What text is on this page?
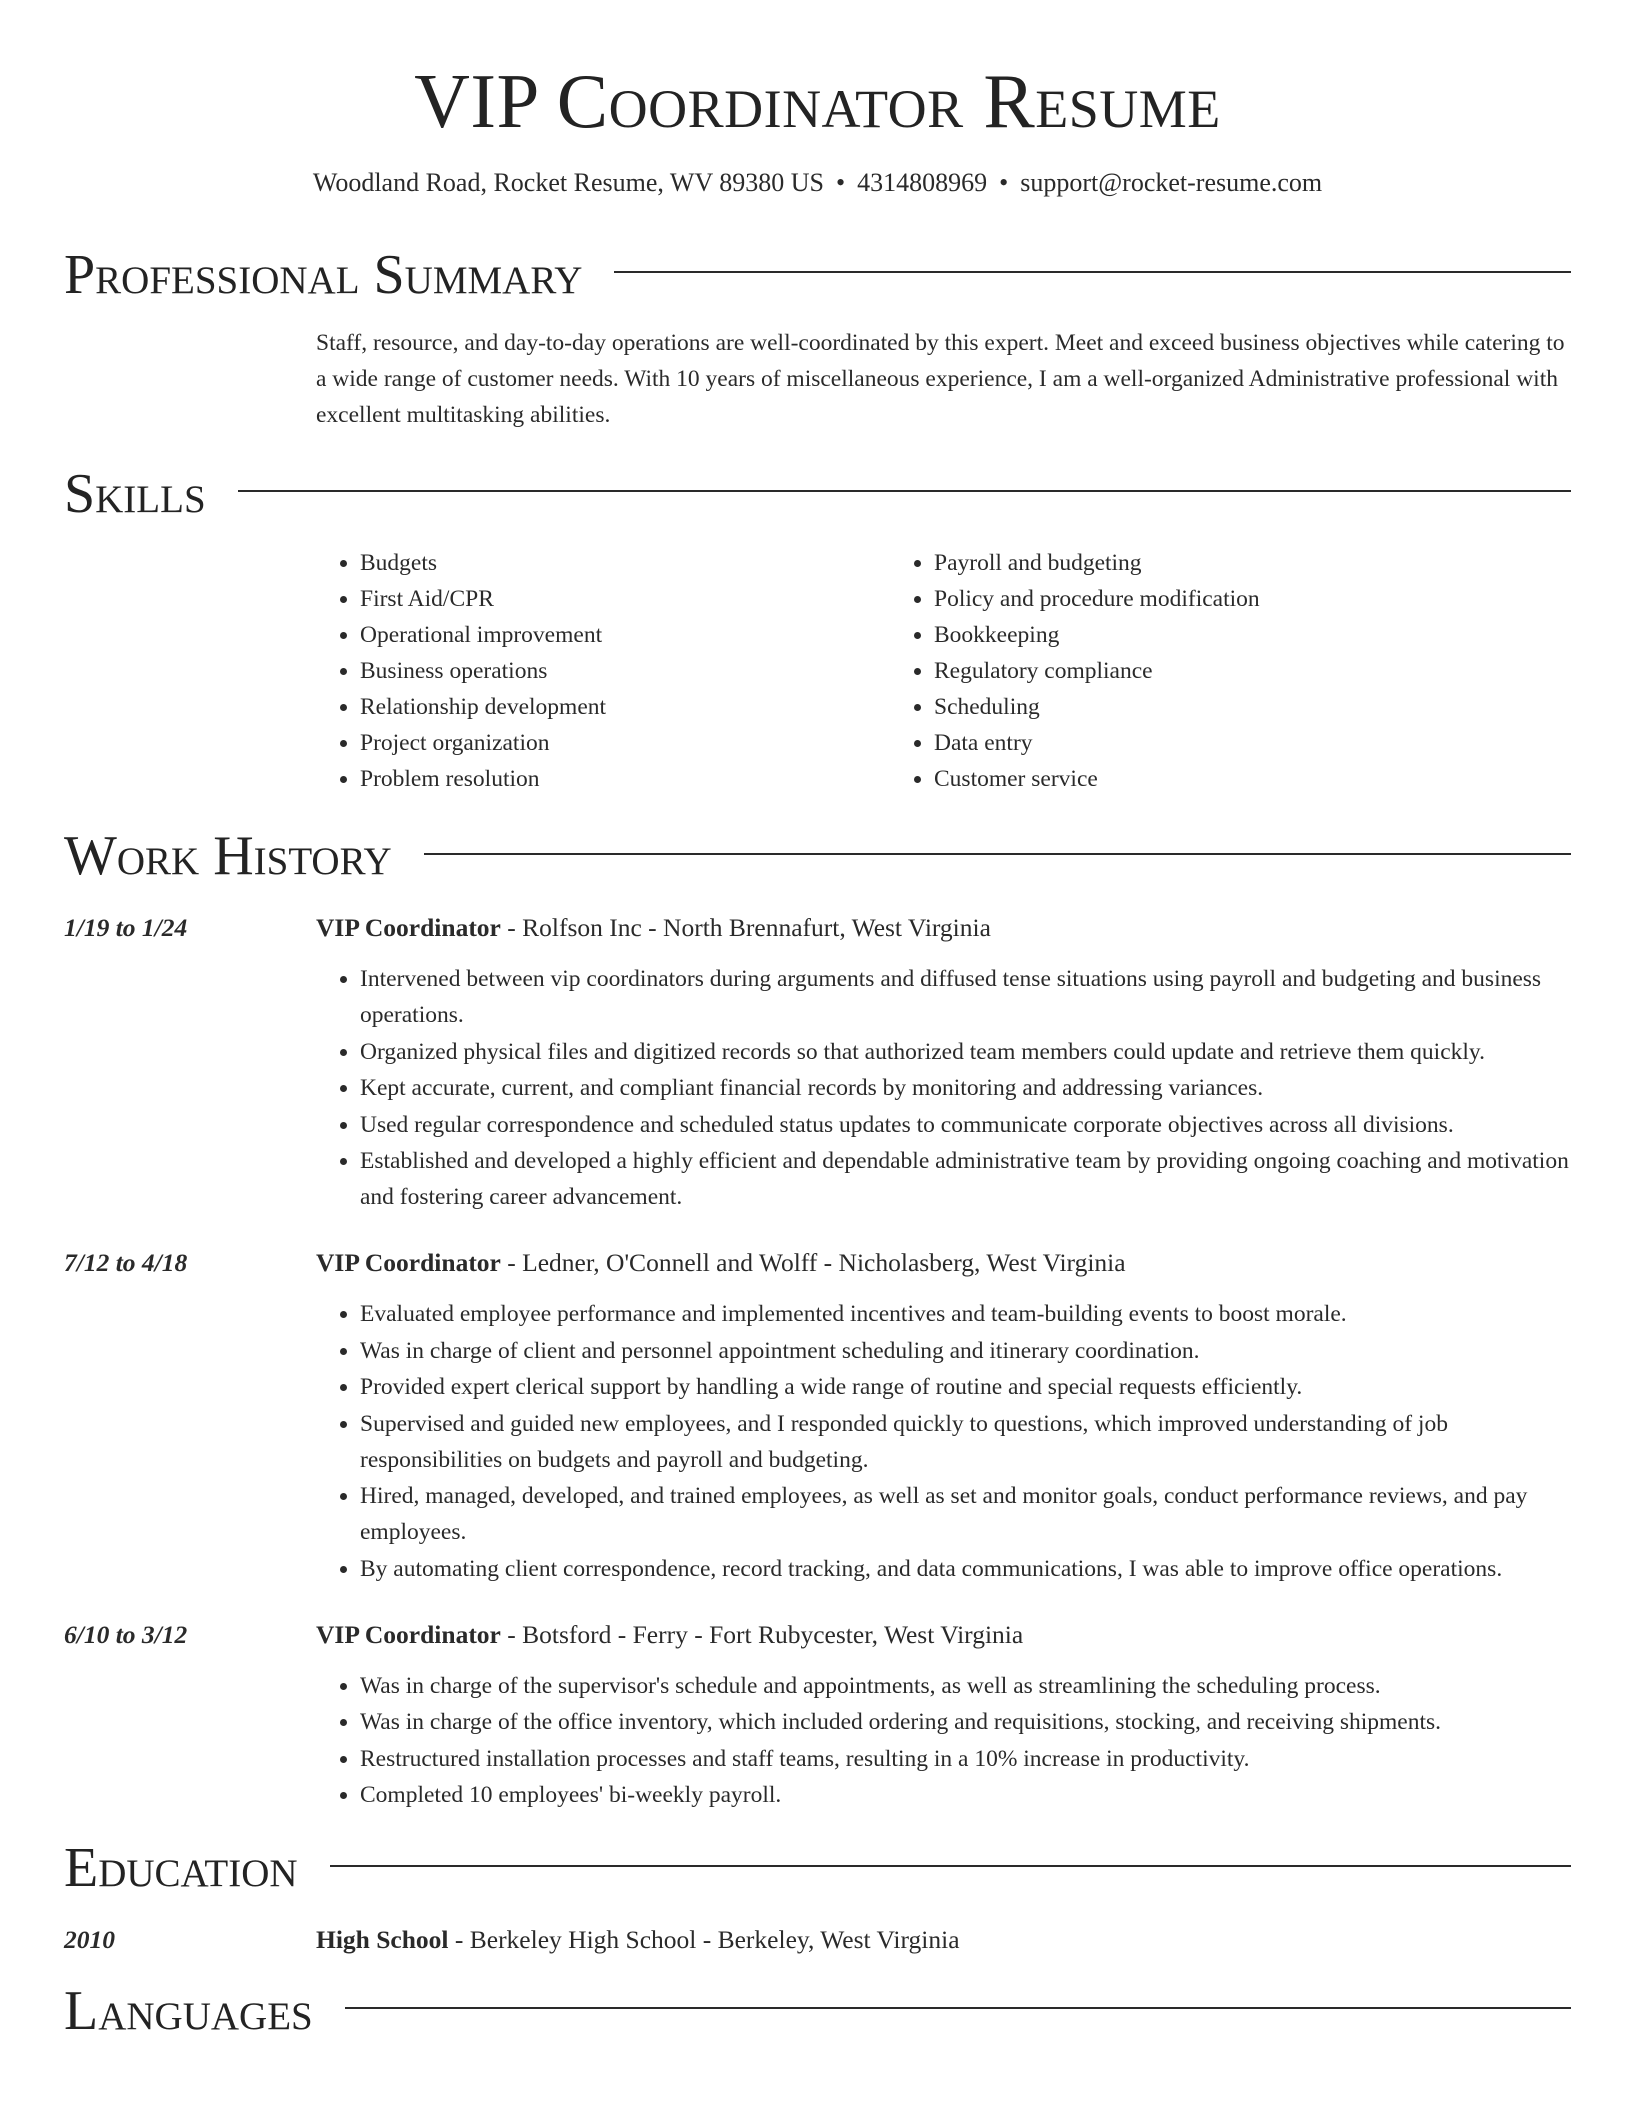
VIP Coordinator Resume
Woodland Road, Rocket Resume, WV 89380 US • 4314808969 • support@rocket-resume.com
Professional Summary

Staff, resource, and day-to-day operations are well-coordinated by this expert. Meet and exceed business objectives while catering to a wide range of customer needs. With 10 years of miscellaneous experience, I am a well-organized Administrative professional with excellent multitasking abilities.

Skills
• Budgets
• First Aid/CPR
• Operational improvement
• Business operations
• Relationship development
• Project organization
• Problem resolution
• Payroll and budgeting
• Policy and procedure modification
• Bookkeeping
• Regulatory compliance
• Scheduling
• Data entry
• Customer service
Work History
1/19 to 1/24	VIP Coordinator - Rolfson Inc - North Brennafurt, West Virginia
• Intervened between vip coordinators during arguments and diffused tense situations using payroll and budgeting and business operations.
• Organized physical files and digitized records so that authorized team members could update and retrieve them quickly.
• Kept accurate, current, and compliant financial records by monitoring and addressing variances.
• Used regular correspondence and scheduled status updates to communicate corporate objectives across all divisions.
• Established and developed a highly efficient and dependable administrative team by providing ongoing coaching and motivation and fostering career advancement.
7/12 to 4/18	VIP Coordinator - Ledner, O'Connell and Wolff - Nicholasberg, West Virginia
• Evaluated employee performance and implemented incentives and team-building events to boost morale.
• Was in charge of client and personnel appointment scheduling and itinerary coordination.
• Provided expert clerical support by handling a wide range of routine and special requests efficiently.
• Supervised and guided new employees, and I responded quickly to questions, which improved understanding of job responsibilities on budgets and payroll and budgeting.
• Hired, managed, developed, and trained employees, as well as set and monitor goals, conduct performance reviews, and pay employees.
• By automating client correspondence, record tracking, and data communications, I was able to improve office operations.
6/10 to 3/12	VIP Coordinator - Botsford - Ferry - Fort Rubycester, West Virginia
• Was in charge of the supervisor's schedule and appointments, as well as streamlining the scheduling process.
• Was in charge of the office inventory, which included ordering and requisitions, stocking, and receiving shipments.
• Restructured installation processes and staff teams, resulting in a 10% increase in productivity.
• Completed 10 employees' bi-weekly payroll.
Education
2010	High School - Berkeley High School - Berkeley, West Virginia
Languages
